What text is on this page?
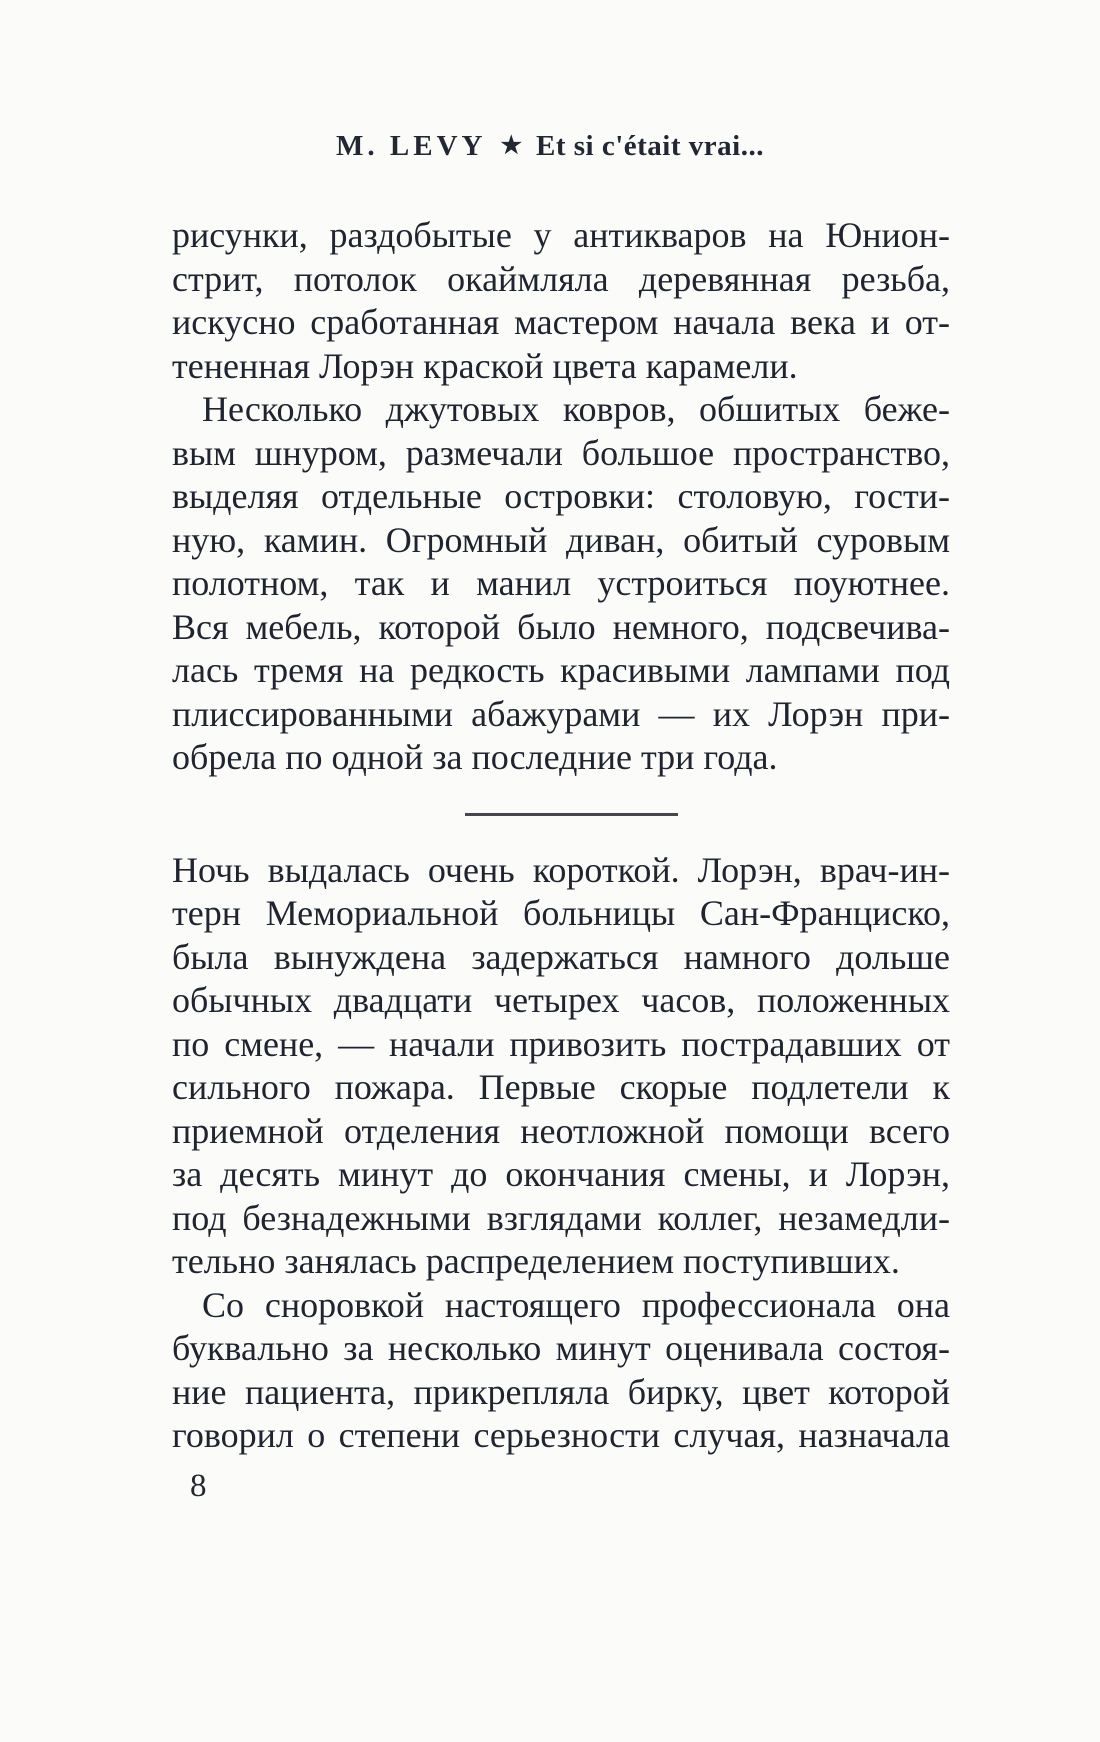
M. LEVY ★ Et si c'était vrai...
рисунки, раздобытые у антикваров на Юнион-
стрит, потолок окаймляла деревянная резьба,
искусно сработанная мастером начала века и от-
тененная Лорэн краской цвета карамели.
Несколько джутовых ковров, обшитых беже-
вым шнуром, размечали большое пространство,
выделяя отдельные островки: столовую, гости-
ную, камин. Огромный диван, обитый суровым
полотном, так и манил устроиться поуютнее.
Вся мебель, которой было немного, подсвечива-
лась тремя на редкость красивыми лампами под
плиссированными абажурами — их Лорэн при-
обрела по одной за последние три года.
Ночь выдалась очень короткой. Лорэн, врач-ин-
терн Мемориальной больницы Сан-Франциско,
была вынуждена задержаться намного дольше
обычных двадцати четырех часов, положенных
по смене, — начали привозить пострадавших от
сильного пожара. Первые скорые подлетели к
приемной отделения неотложной помощи всего
за десять минут до окончания смены, и Лорэн,
под безнадежными взглядами коллег, незамедли-
тельно занялась распределением поступивших.
Со сноровкой настоящего профессионала она
буквально за несколько минут оценивала состоя-
ние пациента, прикрепляла бирку, цвет которой
говорил о степени серьезности случая, назначала
8
